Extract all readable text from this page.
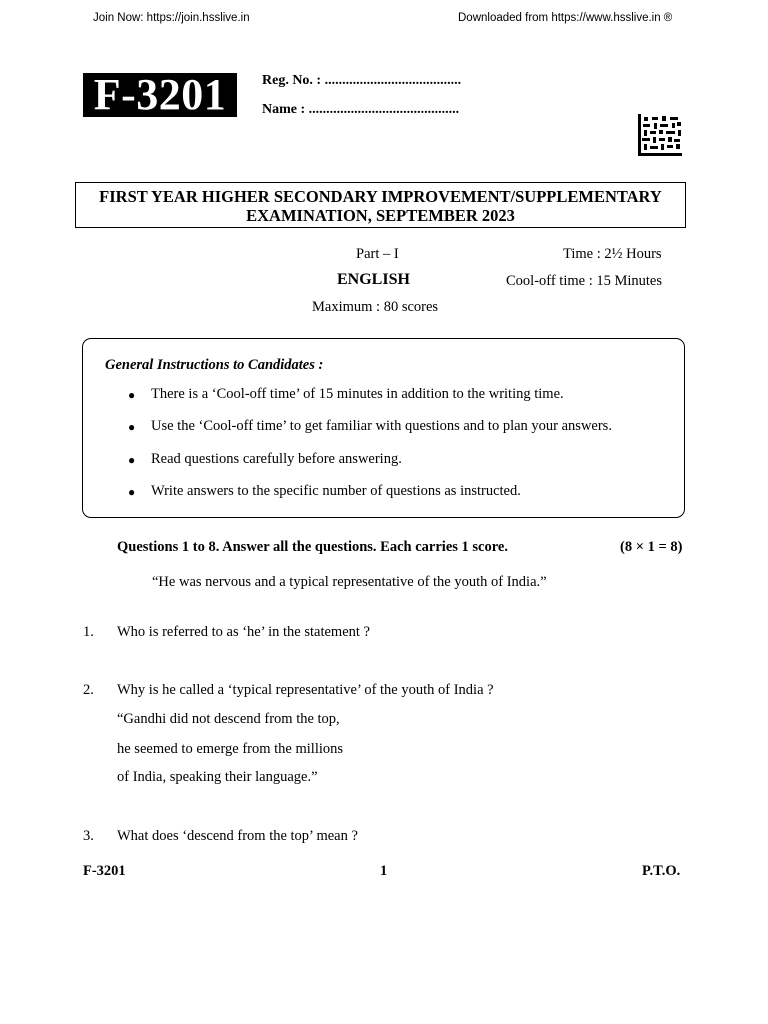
Join Now: https://join.hsslive.in	Downloaded from https://www.hsslive.in ®
F-3201	Reg. No. : .......................................
Name : ...........................................
FIRST YEAR HIGHER SECONDARY IMPROVEMENT/SUPPLEMENTARY
EXAMINATION, SEPTEMBER 2023
Part – I	Time : 2½ Hours
ENGLISH	Cool-off time : 15 Minutes
Maximum : 80 scores
General Instructions to Candidates :
●	There is a ‘Cool-off time’ of 15 minutes in addition to the writing time.
●	Use the ‘Cool-off time’ to get familiar with questions and to plan your answers.
●	Read questions carefully before answering.
●	Write answers to the specific number of questions as instructed.
Questions 1 to 8. Answer all the questions. Each carries 1 score.	(8 × 1 = 8)
“He was nervous and a typical representative of the youth of India.”
1. Who is referred to as ‘he’ in the statement ?
2. Why is he called a ‘typical representative’ of the youth of India ?
“Gandhi did not descend from the top,
he seemed to emerge from the millions
of India, speaking their language.”
3. What does ‘descend from the top’ mean ?
F-3201	1	P.T.O.
